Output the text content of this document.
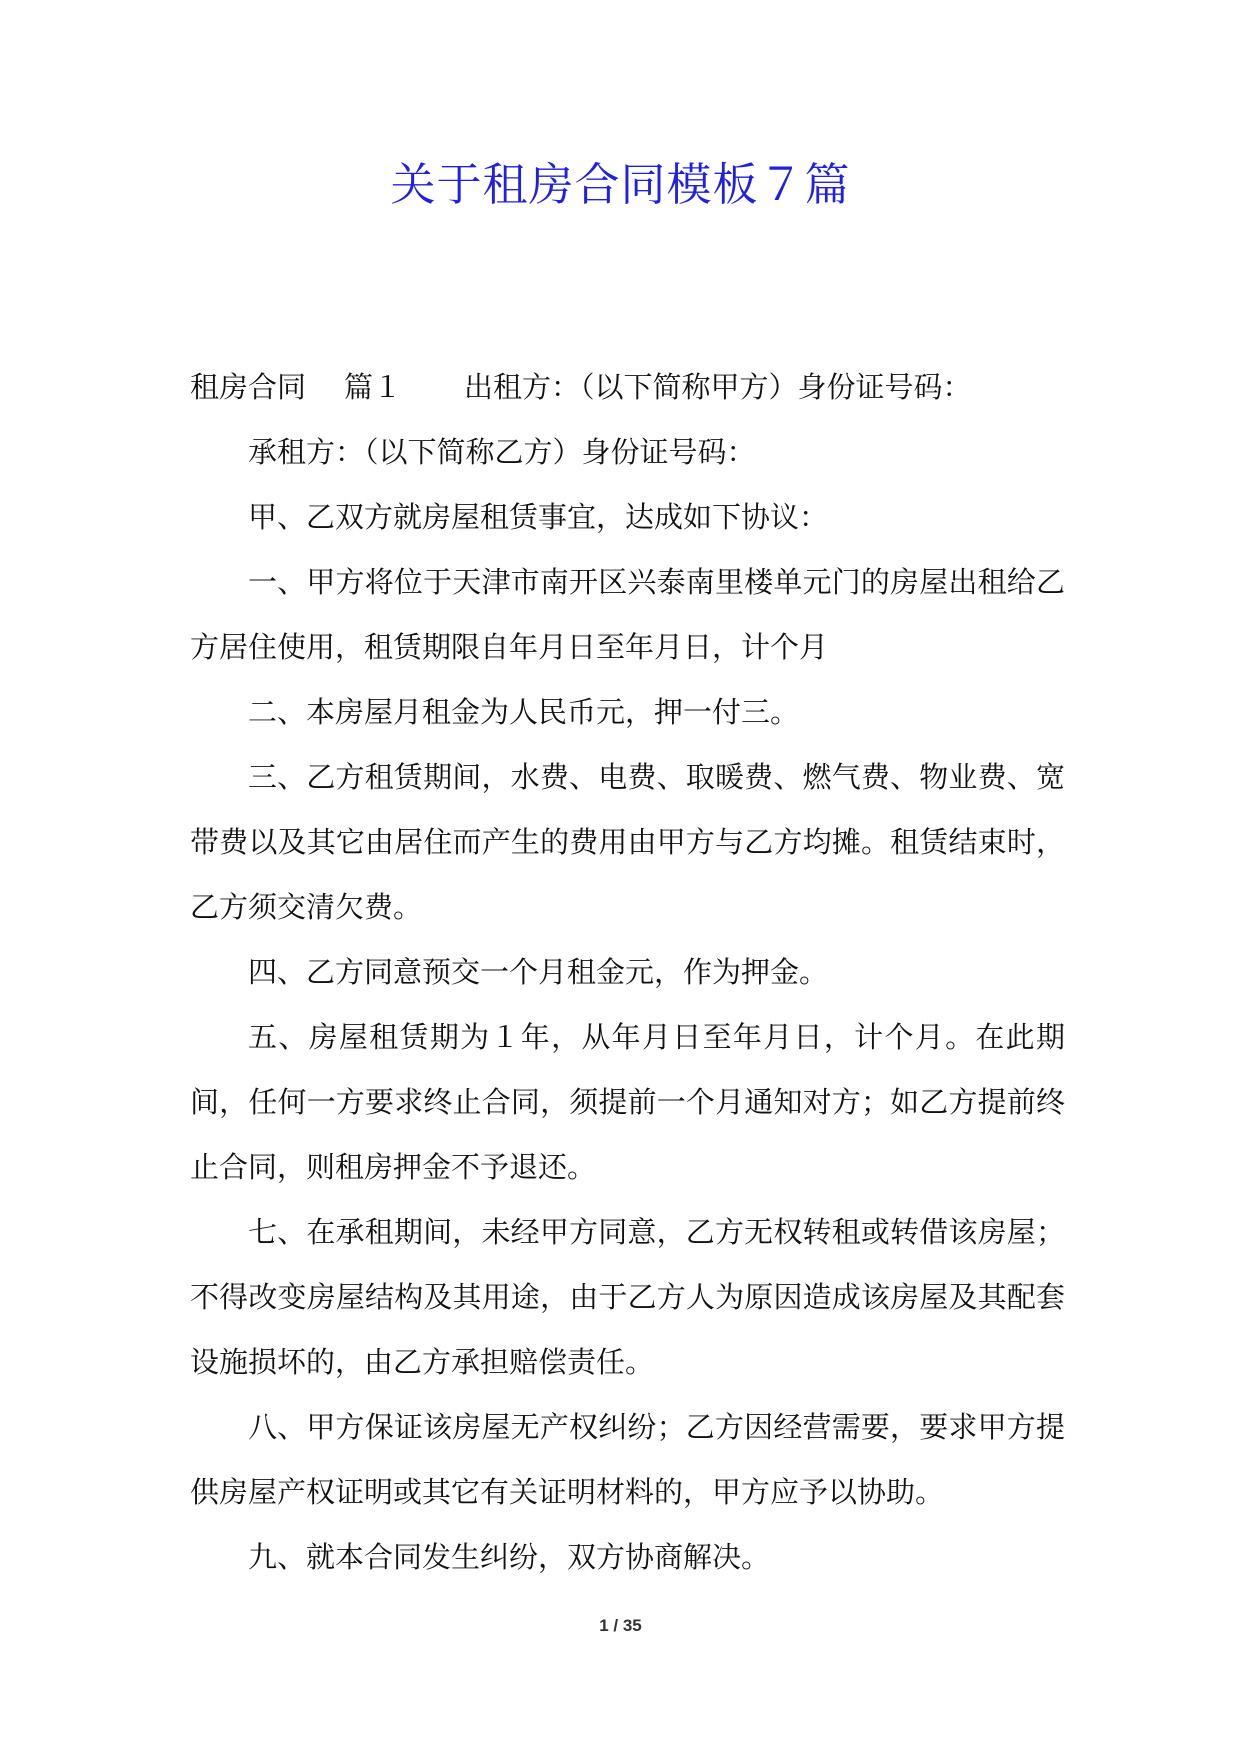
关于租房合同模板７篇

租房合同 篇１ 出租方：（以下简称甲方）身份证号码：

承租方：（以下简称乙方）身份证号码：

甲、乙双方就房屋租赁事宜，达成如下协议：

一、甲方将位于天津市南开区兴泰南里楼单元门的房屋出租给乙方居住使用，租赁期限自年月日至年月日，计个月

二、本房屋月租金为人民币元，押一付三。

三、乙方租赁期间，水费、电费、取暖费、燃气费、物业费、宽带费以及其它由居住而产生的费用由甲方与乙方均摊。租赁结束时，乙方须交清欠费。

四、乙方同意预交一个月租金元，作为押金。

五、房屋租赁期为１年，从年月日至年月日，计个月。在此期间，任何一方要求终止合同，须提前一个月通知对方；如乙方提前终止合同，则租房押金不予退还。

七、在承租期间，未经甲方同意，乙方无权转租或转借该房屋；不得改变房屋结构及其用途，由于乙方人为原因造成该房屋及其配套设施损坏的，由乙方承担赔偿责任。

八、甲方保证该房屋无产权纠纷；乙方因经营需要，要求甲方提供房屋产权证明或其它有关证明材料的，甲方应予以协助。

九、就本合同发生纠纷，双方协商解决。

1 / 35
